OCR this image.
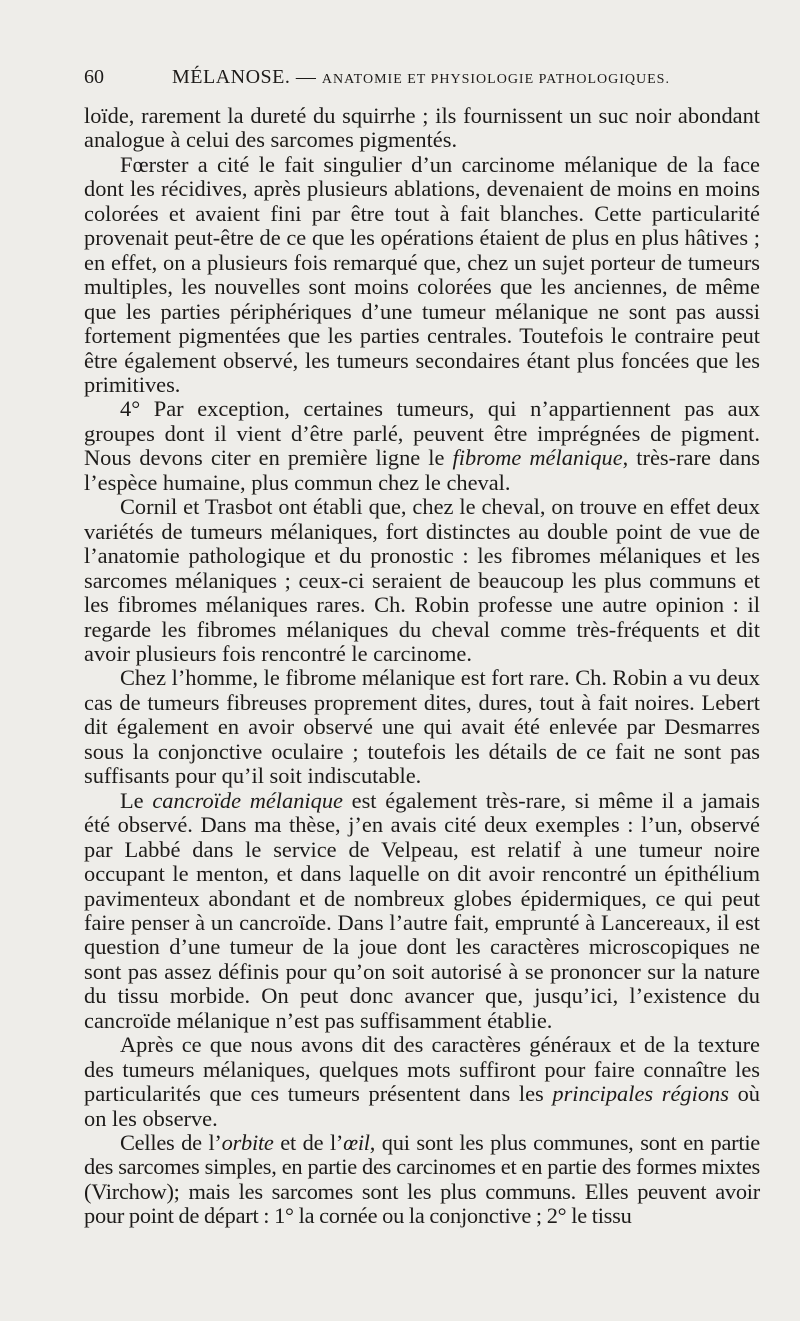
60	MÉLANOSE. — ANATOMIE ET PHYSIOLOGIE PATHOLOGIQUES.

loïde, rarement la dureté du squirrhe ; ils fournissent un suc noir abondant analogue à celui des sarcomes pigmentés.

Fœrster a cité le fait singulier d’un carcinome mélanique de la face dont les récidives, après plusieurs ablations, devenaient de moins en moins colorées et avaient fini par être tout à fait blanches. Cette particularité provenait peut-être de ce que les opérations étaient de plus en plus hâtives ; en effet, on a plusieurs fois remarqué que, chez un sujet porteur de tumeurs multiples, les nouvelles sont moins colorées que les anciennes, de même que les parties périphériques d’une tumeur mélanique ne sont pas aussi fortement pigmentées que les parties centrales. Toutefois le contraire peut être également observé, les tumeurs secondaires étant plus foncées que les primitives.

4° Par exception, certaines tumeurs, qui n’appartiennent pas aux groupes dont il vient d’être parlé, peuvent être imprégnées de pigment. Nous devons citer en première ligne le fibrome mélanique, très-rare dans l’espèce humaine, plus commun chez le cheval.

Cornil et Trasbot ont établi que, chez le cheval, on trouve en effet deux variétés de tumeurs mélaniques, fort distinctes au double point de vue de l’anatomie pathologique et du pronostic : les fibromes mélaniques et les sarcomes mélaniques ; ceux-ci seraient de beaucoup les plus communs et les fibromes mélaniques rares. Ch. Robin professe une autre opinion : il regarde les fibromes mélaniques du cheval comme très-fréquents et dit avoir plusieurs fois rencontré le carcinome.

Chez l’homme, le fibrome mélanique est fort rare. Ch. Robin a vu deux cas de tumeurs fibreuses proprement dites, dures, tout à fait noires. Lebert dit également en avoir observé une qui avait été enlevée par Desmarres sous la conjonctive oculaire ; toutefois les détails de ce fait ne sont pas suffisants pour qu’il soit indiscutable.

Le cancroïde mélanique est également très-rare, si même il a jamais été observé. Dans ma thèse, j’en avais cité deux exemples : l’un, observé par Labbé dans le service de Velpeau, est relatif à une tumeur noire occupant le menton, et dans laquelle on dit avoir rencontré un épithélium pavimenteux abondant et de nombreux globes épidermiques, ce qui peut faire penser à un cancroïde. Dans l’autre fait, emprunté à Lancereaux, il est question d’une tumeur de la joue dont les caractères microscopiques ne sont pas assez définis pour qu’on soit autorisé à se prononcer sur la nature du tissu morbide. On peut donc avancer que, jusqu’ici, l’existence du cancroïde mélanique n’est pas suffisamment établie.

Après ce que nous avons dit des caractères généraux et de la texture des tumeurs mélaniques, quelques mots suffiront pour faire connaître les particularités que ces tumeurs présentent dans les principales régions où on les observe.

Celles de l’orbite et de l’œil, qui sont les plus communes, sont en partie des sarcomes simples, en partie des carcinomes et en partie des formes mixtes (Virchow); mais les sarcomes sont les plus communs. Elles peuvent avoir pour point de départ : 1° la cornée ou la conjonctive ; 2° le tissu
